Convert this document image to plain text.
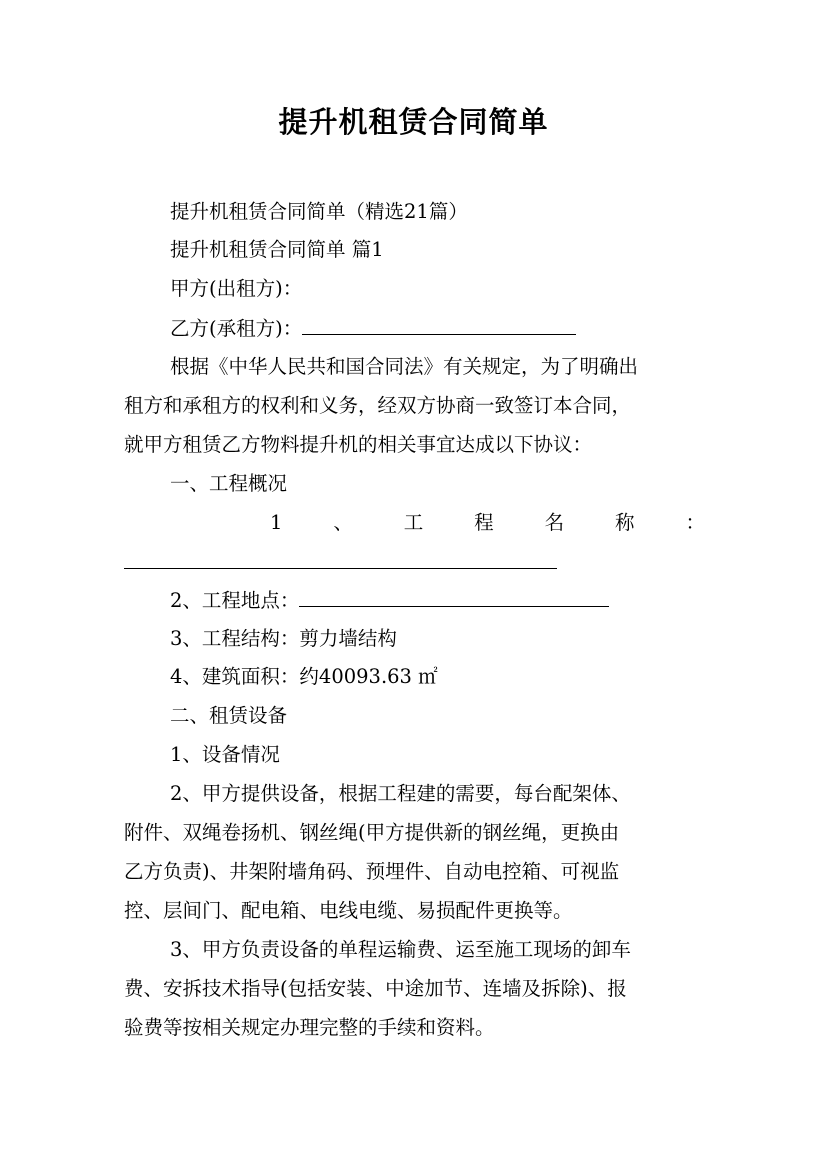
提升机租赁合同简单
提升机租赁合同简单（精选21篇）
提升机租赁合同简单 篇1
甲方(出租方)：
乙方(承租方)：
根据《中华人民共和国合同法》有关规定，为了明确出
租方和承租方的权利和义务，经双方协商一致签订本合同，
就甲方租赁乙方物料提升机的相关事宜达成以下协议：
一、工程概况
1	、	工	程	名	称	：
2、工程地点：
3、工程结构：剪力墙结构
4、建筑面积：约40093.63 ㎡
二、租赁设备
1、设备情况
2、甲方提供设备，根据工程建的需要，每台配架体、
附件、双绳卷扬机、钢丝绳(甲方提供新的钢丝绳，更换由
乙方负责)、井架附墙角码、预埋件、自动电控箱、可视监
控、层间门、配电箱、电线电缆、易损配件更换等。
3、甲方负责设备的单程运输费、运至施工现场的卸车
费、安拆技术指导(包括安装、中途加节、连墙及拆除)、报
验费等按相关规定办理完整的手续和资料。
